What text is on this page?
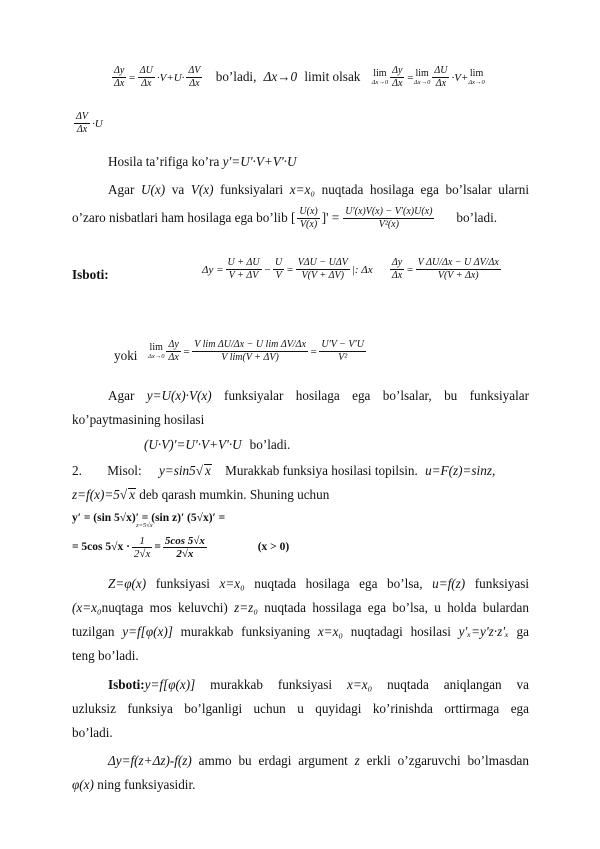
$\frac{\Delta y}{\Delta x} = \frac{\Delta U}{\Delta x} \cdot V+U\cdot \frac{\Delta V}{\Delta x}$ bo’ladi, Δx→0 limit olsak lim
$\Delta x\to 0 \frac{\Delta y}{\Delta x} = \lim$
$\Delta x\to 0 \frac{\Delta U}{\Delta x} \cdot V+ \lim$
Δx→0
$\frac{\Delta V}{\Delta x} \cdot U$
Hosila ta’rifiga ko’ra y'=U'·V+V'·U
Agar U(x) va V(x) funksiyalari x=x₀ nuqtada hosilaga ega bo’lsalar ularni
o’zaro nisbatlari ham hosilaga ega bo’lib [ $\frac{U(x)}{V(x)}$ ]' = $\frac{U'(x)V(x) - V'(x)U(x)}{\text{V²(x)}}$ bo’ladi.
Isboti:	$\Delta y = \frac{U + \Delta U}{V + \Delta V} - \frac{U}{V} = \frac{\text{VΔU − UΔV}}{V(V + \Delta V)}$ |: Δx $\frac{\Delta y}{\Delta x} = \frac{\text{V ΔU/Δx − U ΔV/Δx}}{V(V + \Delta x)}$
yoki
lim
$\Delta x\to 0 \frac{\Delta y}{\Delta x} = \frac{\text{V lim ΔU/Δx − U lim ΔV/Δx}}{\text{V lim(V + ΔV)}} = \frac{U'V - V'U}{\text{V²}}$
Agar y=U(x)·V(x) funksiyalar hosilaga ega bo’lsalar, bu funksiyalar
ko’paytmasining hosilasi
(U·V)'=U'·V+V'·U bo’ladi.
2. Misol: y=sin5 √ x Murakkab funksiya hosilasi topilsin. u=F(z)=sinz,
z=f(x)=5 √ x deb qarash mumkin. Shuning uchun
y′ = (sin 5√x)′ = (sin z)′ (5√x)′ = $_{z=5√x}$
= 5cos $5√x \cdot \frac{1}{2√x} = \frac{5\cos 5√x}{2√x}$	(x > 0)
Z=φ(x) funksiyasi x=x₀ nuqtada hosilaga ega bo’lsa, u=f(z) funksiyasi
(x=x₀nuqtaga mos keluvchi) z=z₀ nuqtada hossilaga ega bo’lsa, u holda bulardan
tuzilgan y=f[φ(x)] murakkab funksiyaning x=x₀ nuqtadagi hosilasi y'ₓ=y'z·z'ₓ ga
teng bo’ladi.
Isboti:y=f[φ(x)] murakkab funksiyasi x=x₀ nuqtada aniqlangan va
uzluksiz funksiya bo’lganligi uchun u quyidagi ko’rinishda orttirmaga ega
bo’ladi.
Δy=f(z+Δz)-f(z) ammo bu erdagi argument z erkli o’zgaruvchi bo’lmasdan
φ(x) ning funksiyasidir.
